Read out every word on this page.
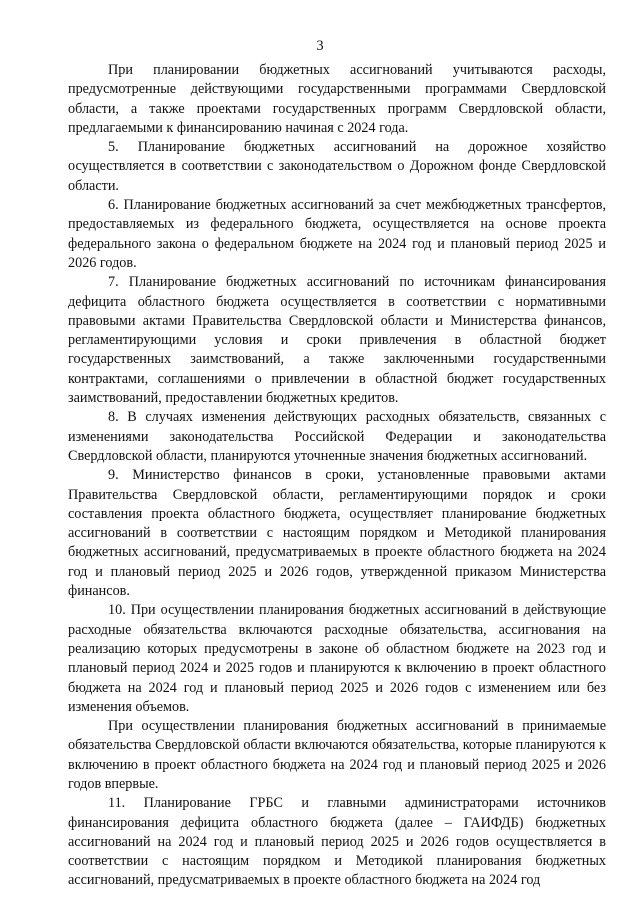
3

При планировании бюджетных ассигнований учитываются расходы, предусмотренные действующими государственными программами Свердловской области, а также проектами государственных программ Свердловской области, предлагаемыми к финансированию начиная с 2024 года.

5. Планирование бюджетных ассигнований на дорожное хозяйство осуществляется в соответствии с законодательством о Дорожном фонде Свердловской области.

6. Планирование бюджетных ассигнований за счет межбюджетных трансфертов, предоставляемых из федерального бюджета, осуществляется на основе проекта федерального закона о федеральном бюджете на 2024 год и плановый период 2025 и 2026 годов.

7. Планирование бюджетных ассигнований по источникам финансирования дефицита областного бюджета осуществляется в соответствии с нормативными правовыми актами Правительства Свердловской области и Министерства финансов, регламентирующими условия и сроки привлечения в областной бюджет государственных заимствований, а также заключенными государственными контрактами, соглашениями о привлечении в областной бюджет государственных заимствований, предоставлении бюджетных кредитов.

8. В случаях изменения действующих расходных обязательств, связанных с изменениями законодательства Российской Федерации и законодательства Свердловской области, планируются уточненные значения бюджетных ассигнований.

9. Министерство финансов в сроки, установленные правовыми актами Правительства Свердловской области, регламентирующими порядок и сроки составления проекта областного бюджета, осуществляет планирование бюджетных ассигнований в соответствии с настоящим порядком и Методикой планирования бюджетных ассигнований, предусматриваемых в проекте областного бюджета на 2024 год и плановый период 2025 и 2026 годов, утвержденной приказом Министерства финансов.

10. При осуществлении планирования бюджетных ассигнований в действующие расходные обязательства включаются расходные обязательства, ассигнования на реализацию которых предусмотрены в законе об областном бюджете на 2023 год и плановый период 2024 и 2025 годов и планируются к включению в проект областного бюджета на 2024 год и плановый период 2025 и 2026 годов с изменением или без изменения объемов.

При осуществлении планирования бюджетных ассигнований в принимаемые обязательства Свердловской области включаются обязательства, которые планируются к включению в проект областного бюджета на 2024 год и плановый период 2025 и 2026 годов впервые.

11. Планирование ГРБС и главными администраторами источников финансирования дефицита областного бюджета (далее – ГАИФДБ) бюджетных ассигнований на 2024 год и плановый период 2025 и 2026 годов осуществляется в соответствии с настоящим порядком и Методикой планирования бюджетных ассигнований, предусматриваемых в проекте областного бюджета на 2024 год
